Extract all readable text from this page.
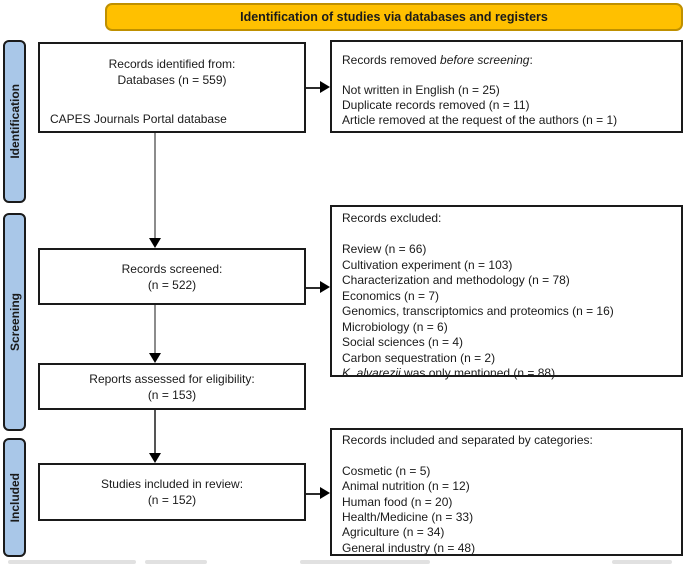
Identification of studies via databases and registers
Identification
Screening
Included
Records identified from:
Databases (n = 559)
CAPES Journals Portal database
Records removed before screening:
Not written in English (n = 25)
Duplicate records removed (n = 11)
Article removed at the request of the authors (n = 1)
Records screened:
(n = 522)
Records excluded:
Review (n = 66)
Cultivation experiment (n = 103)
Characterization and methodology (n = 78)
Economics (n = 7)
Genomics, transcriptomics and proteomics (n = 16)
Microbiology (n = 6)
Social sciences (n = 4)
Carbon sequestration (n = 2)
K. alvarezii was only mentioned (n = 88)
Reports assessed for eligibility:
(n = 153)
Studies included in review:
(n = 152)
Records included and separated by categories:
Cosmetic (n = 5)
Animal nutrition (n = 12)
Human food (n = 20)
Health/Medicine (n = 33)
Agriculture (n = 34)
General industry (n = 48)
